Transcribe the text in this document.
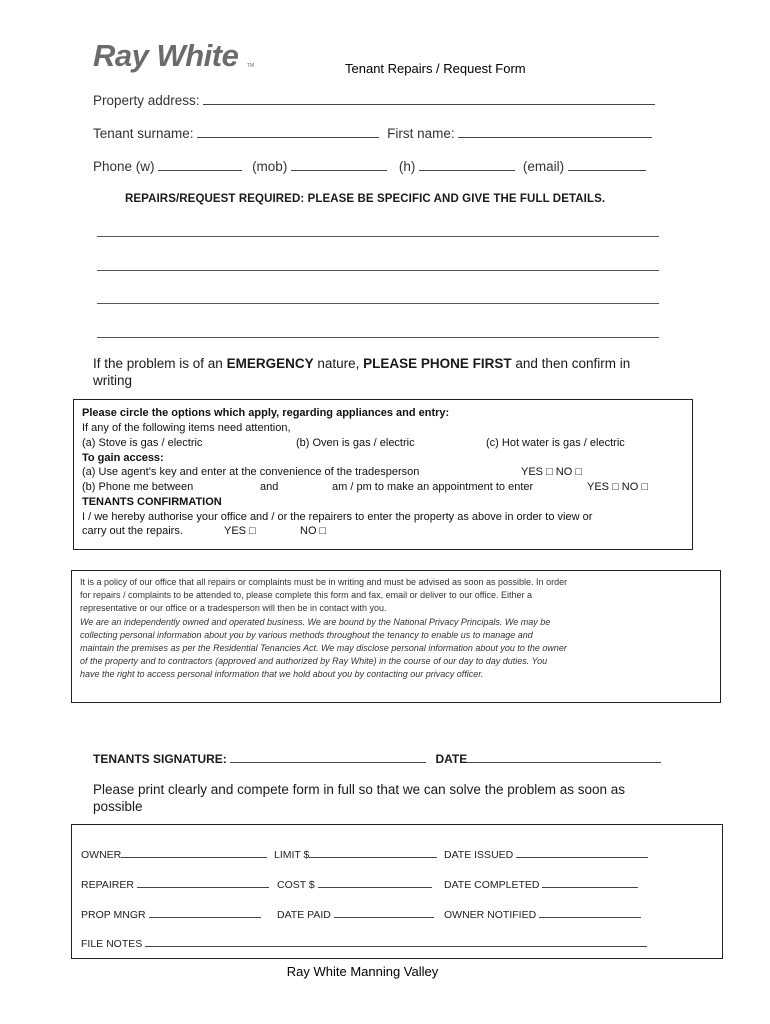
Ray White TM	Tenant Repairs / Request Form
Property address:
Tenant surname:	First name:
Phone (w)	(mob)	(h)	(email)
REPAIRS/REQUEST REQUIRED: PLEASE BE SPECIFIC AND GIVE THE FULL DETAILS.
If the problem is of an EMERGENCY nature, PLEASE PHONE FIRST and then confirm in writing
Please circle the options which apply, regarding appliances and entry:
If any of the following items need attention,
(a) Stove is gas / electric	(b) Oven is gas / electric	(c) Hot water is gas / electric
To gain access:
(a) Use agent’s key and enter at the convenience of the tradesperson	YES □ NO □
(b) Phone me between	and	am / pm to make an appointment to enter	YES □ NO □
TENANTS CONFIRMATION
I / we hereby authorise your office and / or the repairers to enter the property as above in order to view or
carry out the repairs.	YES □	NO □
It is a policy of our office that all repairs or complaints must be in writing and must be advised as soon as possible. In order
for repairs / complaints to be attended to, please complete this form and fax, email or deliver to our office. Either a
representative or our office or a tradesperson will then be in contact with you.
We are an independently owned and operated business. We are bound by the National Privacy Principals. We may be
collecting personal information about you by various methods throughout the tenancy to enable us to manage and
maintain the premises as per the Residential Tenancies Act. We may disclose personal information about you to the owner
of the property and to contractors (approved and authorized by Ray White) in the course of our day to day duties. You
have the right to access personal information that we hold about you by contacting our privacy officer.
TENANTS SIGNATURE:	DATE
Please print clearly and compete form in full so that we can solve the problem as soon as possible
OWNER	LIMIT $	DATE ISSUED
REPAIRER	COST $	DATE COMPLETED
PROP MNGR	DATE PAID	OWNER NOTIFIED
FILE NOTES
Ray White Manning Valley
